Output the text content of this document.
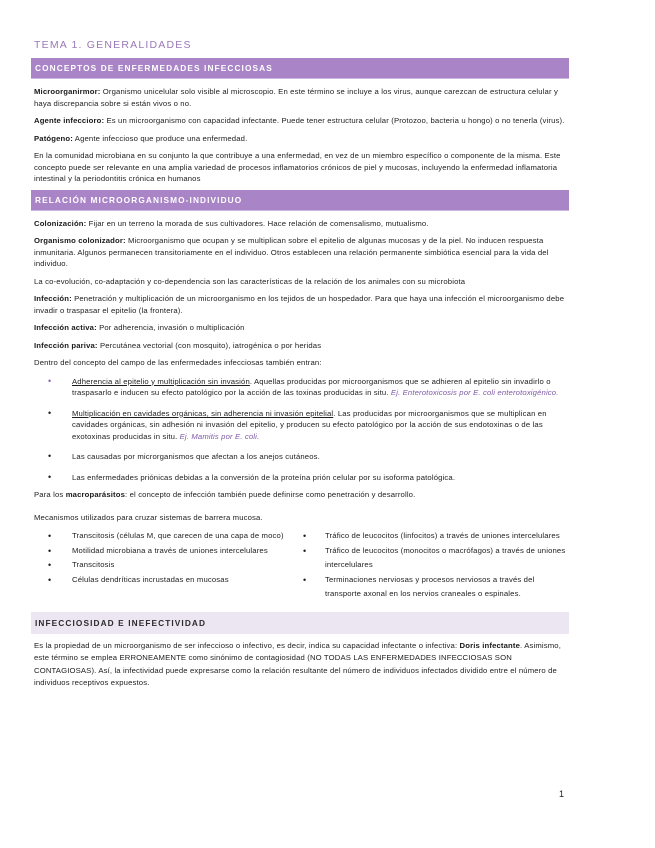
TEMA 1. GENERALIDADES
CONCEPTOS DE ENFERMEDADES INFECCIOSAS

Microorganirmor: Organismo unicelular solo visible al microscopio. En este término se incluye a los virus, aunque carezcan de estructura celular y haya discrepancia sobre si están vivos o no.

Agente infeccioro: Es un microorganismo con capacidad infectante. Puede tener estructura celular (Protozoo, bacteria u hongo) o no tenerla (virus).

Patógeno: Agente infeccioso que produce una enfermedad.

En la comunidad microbiana en su conjunto la que contribuye a una enfermedad, en vez de un miembro específico o componente de la misma. Este concepto puede ser relevante en una amplia variedad de procesos inflamatorios crónicos de piel y mucosas, incluyendo la enfermedad inflamatoria intestinal y la periodontitis crónica en humanos

RELACIÓN MICROORGANISMO-INDIVIDUO

Colonización: Fijar en un terreno la morada de sus cultivadores. Hace relación de comensalismo, mutualismo.

Organismo colonizador: Microorganismo que ocupan y se multiplican sobre el epitelio de algunas mucosas y de la piel. No inducen respuesta inmunitaria. Algunos permanecen transitoriamente en el individuo. Otros establecen una relación permanente simbiótica esencial para la vida del individuo.

La co-evolución, co-adaptación y co-dependencia son las características de la relación de los animales con su microbiota

Infección: Penetración y multiplicación de un microorganismo en los tejidos de un hospedador. Para que haya una infección el microorganismo debe invadir o traspasar el epitelio (la frontera).

Infección activa: Por adherencia, invasión o multiplicación

Infección pariva: Percutánea vectorial (con mosquito), iatrogénica o por heridas

Dentro del concepto del campo de las enfermedades infecciosas también entran:

•	Adherencia al epitelio y multiplicación sin invasión. Aquellas producidas por microorganismos que se adhieren al epitelio sin invadirlo o traspasarlo e inducen su efecto patológico por la acción de las toxinas producidas in situ. Ej. Enterotoxicosis por E. coli enterotoxigénico.
•	Multiplicación en cavidades orgánicas, sin adherencia ni invasión epitelial. Las producidas por microorganismos que se multiplican en cavidades orgánicas, sin adhesión ni invasión del epitelio, y producen su efecto patológico por la acción de sus endotoxinas o de las exotoxinas producidas in situ. Ej. Mamitis por E. coli.
•	Las causadas por microrganismos que afectan a los anejos cutáneos.
•	Las enfermedades priónicas debidas a la conversión de la proteína prión celular por su isoforma patológica.

Para los macroparásitos: el concepto de infección también puede definirse como penetración y desarrollo.

Mecanismos utilizados para cruzar sistemas de barrera mucosa.

•	Transcitosis (células M, que carecen de una capa de moco)
•	Motilidad microbiana a través de uniones intercelulares
•	Transcitosis
•	Células dendríticas incrustadas en mucosas
• Tráfico de leucocitos (linfocitos) a través de uniones intercelulares
• Tráfico de leucocitos (monocitos o macrófagos) a través de uniones intercelulares
• Terminaciones nerviosas y procesos nerviosos a través del transporte axonal en los nervios craneales o espinales.
INFECCIOSIDAD E INEFECTIVIDAD

Es la propiedad de un microorganismo de ser infeccioso o infectivo, es decir, indica su capacidad infectante o infectiva: Doris infectante. Asimismo, este término se emplea ERRONEAMENTE como sinónimo de contagiosidad (NO TODAS LAS ENFERMEDADES INFECCIOSAS SON CONTAGIOSAS). Así, la infectividad puede expresarse como la relación resultante del número de individuos infectados dividido entre el número de individuos receptivos expuestos.

1
